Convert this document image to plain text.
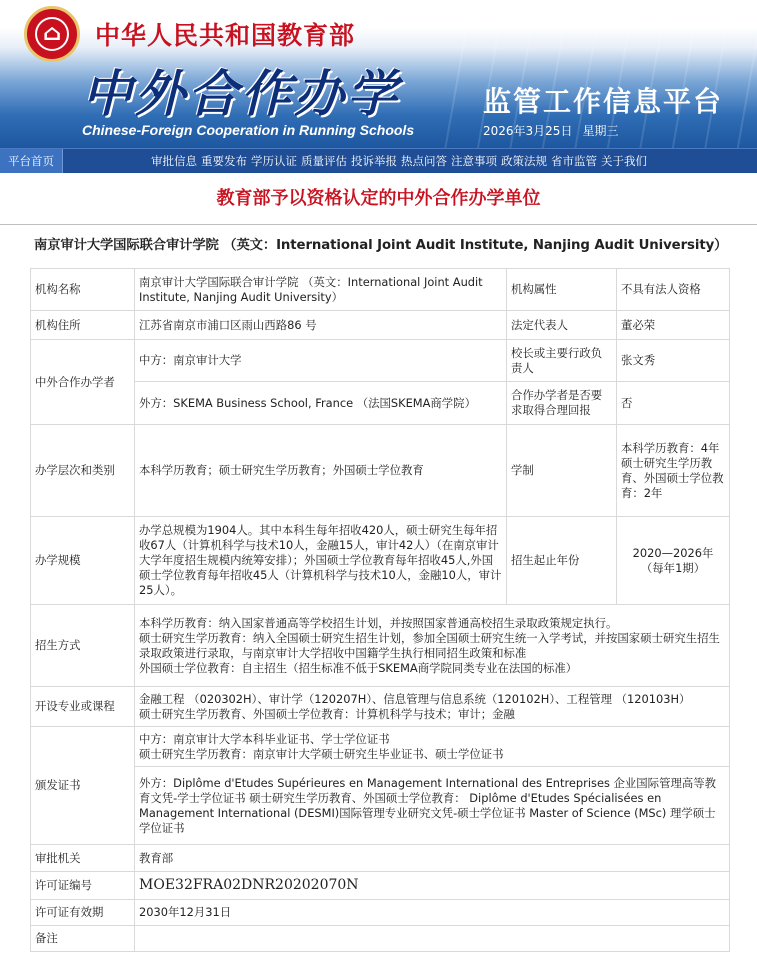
⌂	中华人民共和国教育部
中外合作办学
Chinese-Foreign Cooperation in Running Schools
监管工作信息平台
2026年3月25日 星期三
平台首页	审批信息 重要发布 学历认证 质量评估 投诉举报 热点问答 注意事项 政策法规 省市监管 关于我们
教育部予以资格认定的中外合作办学单位
南京审计大学国际联合审计学院 （英文：International Joint Audit Institute, Nanjing Audit University）
机构名称	南京审计大学国际联合审计学院 （英文：International Joint Audit Institute, Nanjing Audit University）	机构属性	不具有法人资格
机构住所	江苏省南京市浦口区雨山西路86 号	法定代表人	董必荣
中外合作办学者	中方：南京审计大学	校长或主要行政负责人	张文秀
	外方：SKEMA Business School, France （法国SKEMA商学院）	合作办学者是否要求取得合理回报	否
办学层次和类别	本科学历教育；硕士研究生学历教育；外国硕士学位教育	学制	本科学历教育：4年
硕士研究生学历教育、外国硕士学位教育：2年

办学规模	办学总规模为1904人。其中本科生每年招收420人，硕士研究生每年招收67人（计算机科学与技术10人，金融15人，审计42人）（在南京审计大学年度招生规模内统筹安排）；外国硕士学位教育每年招收45人,外国硕士学位教育每年招收45人（计算机科学与技术10人，金融10人，审计25人）。	招生起止年份	2020—2026年
（每年1期）

招生方式	本科学历教育：纳入国家普通高等学校招生计划，并按照国家普通高校招生录取政策规定执行。
硕士研究生学历教育：纳入全国硕士研究生招生计划，参加全国硕士研究生统一入学考试，并按国家硕士研究生招生录取政策进行录取，与南京审计大学招收中国籍学生执行相同招生政策和标准
外国硕士学位教育：自主招生（招生标准不低于SKEMA商学院同类专业在法国的标准）		

开设专业或课程	金融工程 （020302H）、审计学（120207H）、信息管理与信息系统（120102H）、工程管理 （120103H）
硕士研究生学历教育、外国硕士学位教育：计算机科学与技术；审计；金融		

颁发证书	中方：南京审计大学本科毕业证书、学士学位证书
硕士研究生学历教育：南京审计大学硕士研究生毕业证书、硕士学位证书		

	外方：Diplôme d'Etudes Supérieures en Management International des Entreprises 企业国际管理高等教育文凭-学士学位证书 硕士研究生学历教育、外国硕士学位教育： Diplôme d'Etudes Spécialisées en Management International (DESMI)国际管理专业研究文凭-硕士学位证书 Master of Science (MSc) 理学硕士学位证书		
审批机关	教育部		
许可证编号	MOE32FRA02DNR20202070N		
许可证有效期	2030年12月31日		
备注			
